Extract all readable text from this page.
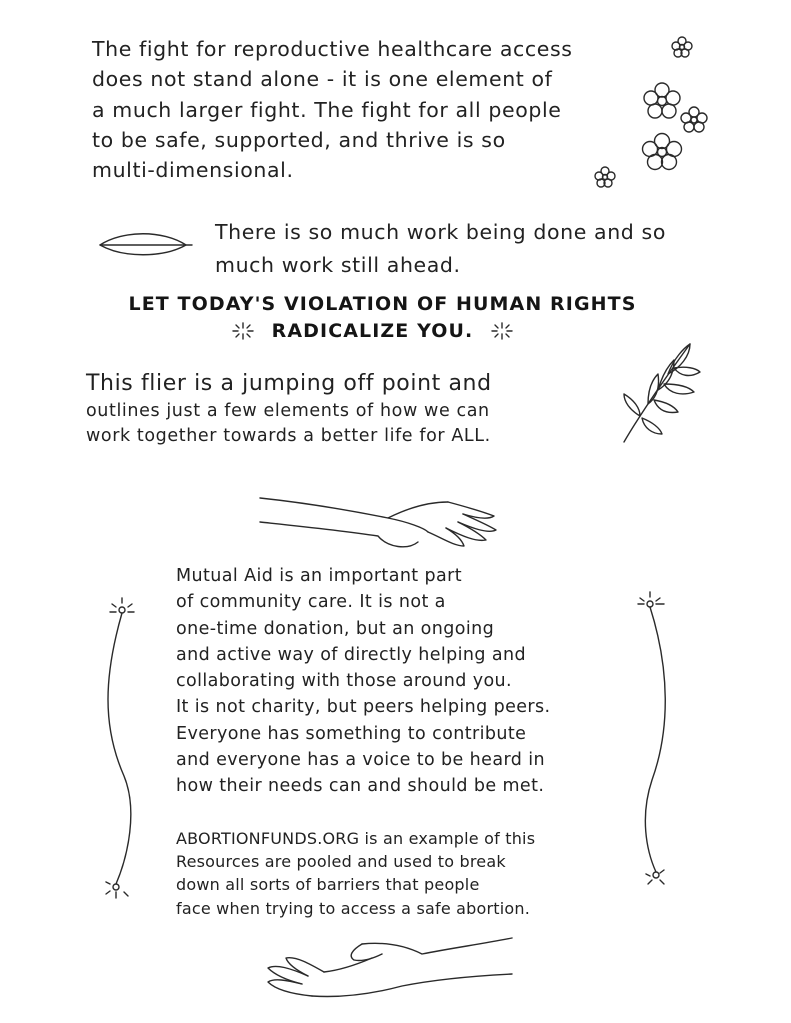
The fight for reproductive healthcare access
does not stand alone - it is one element of
a much larger fight. The fight for all people
to be safe, supported, and thrive is so
multi-dimensional.
There is so much work being done and so
much work still ahead.
LET TODAY'S VIOLATION OF HUMAN RIGHTS
RADICALIZE YOU.
This flier is a jumping off point and
outlines just a few elements of how we can
work together towards a better life for ALL.
Mutual Aid is an important part
of community care. It is not a
one-time donation, but an ongoing
and active way of directly helping and
collaborating with those around you.
It is not charity, but peers helping peers.
Everyone has something to contribute
and everyone has a voice to be heard in
how their needs can and should be met.
ABORTIONFUNDS.ORG is an example of this
Resources are pooled and used to break
down all sorts of barriers that people
face when trying to access a safe abortion.
